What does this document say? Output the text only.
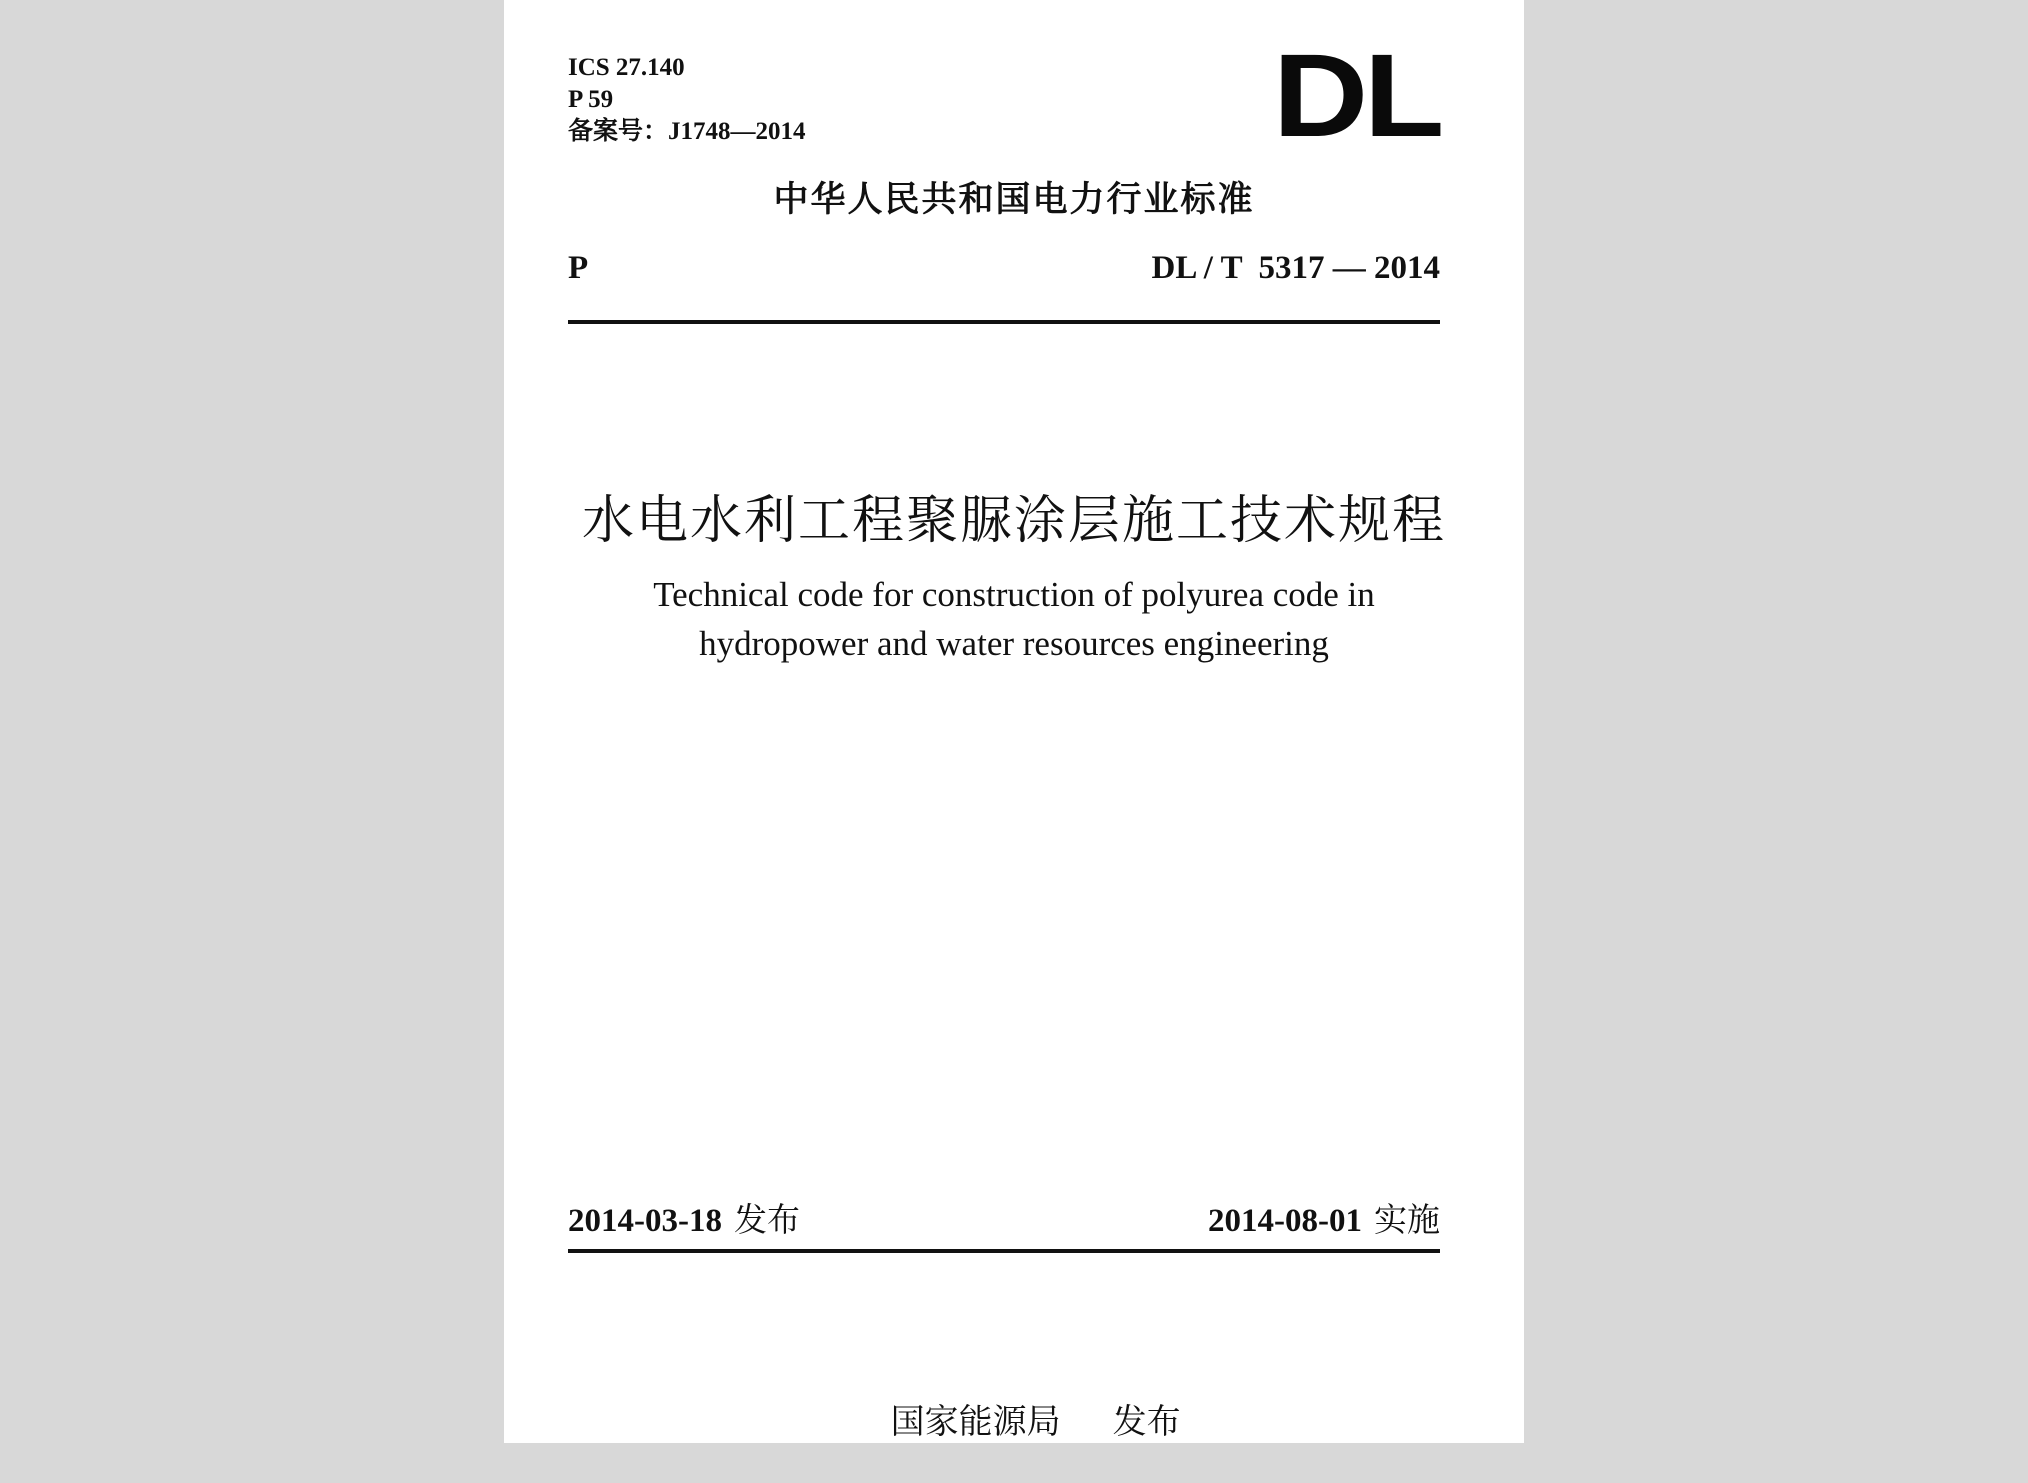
ICS 27.140
P 59
备案号：J1748—2014	DL
中华人民共和国电力行业标准
P	DL / T  5317 — 2014
水电水利工程聚脲涂层施工技术规程
Technical code for construction of polyurea code in
hydropower and water resources engineering
2014-03-18 发布	2014-08-01 实施

国家能源局 发布
